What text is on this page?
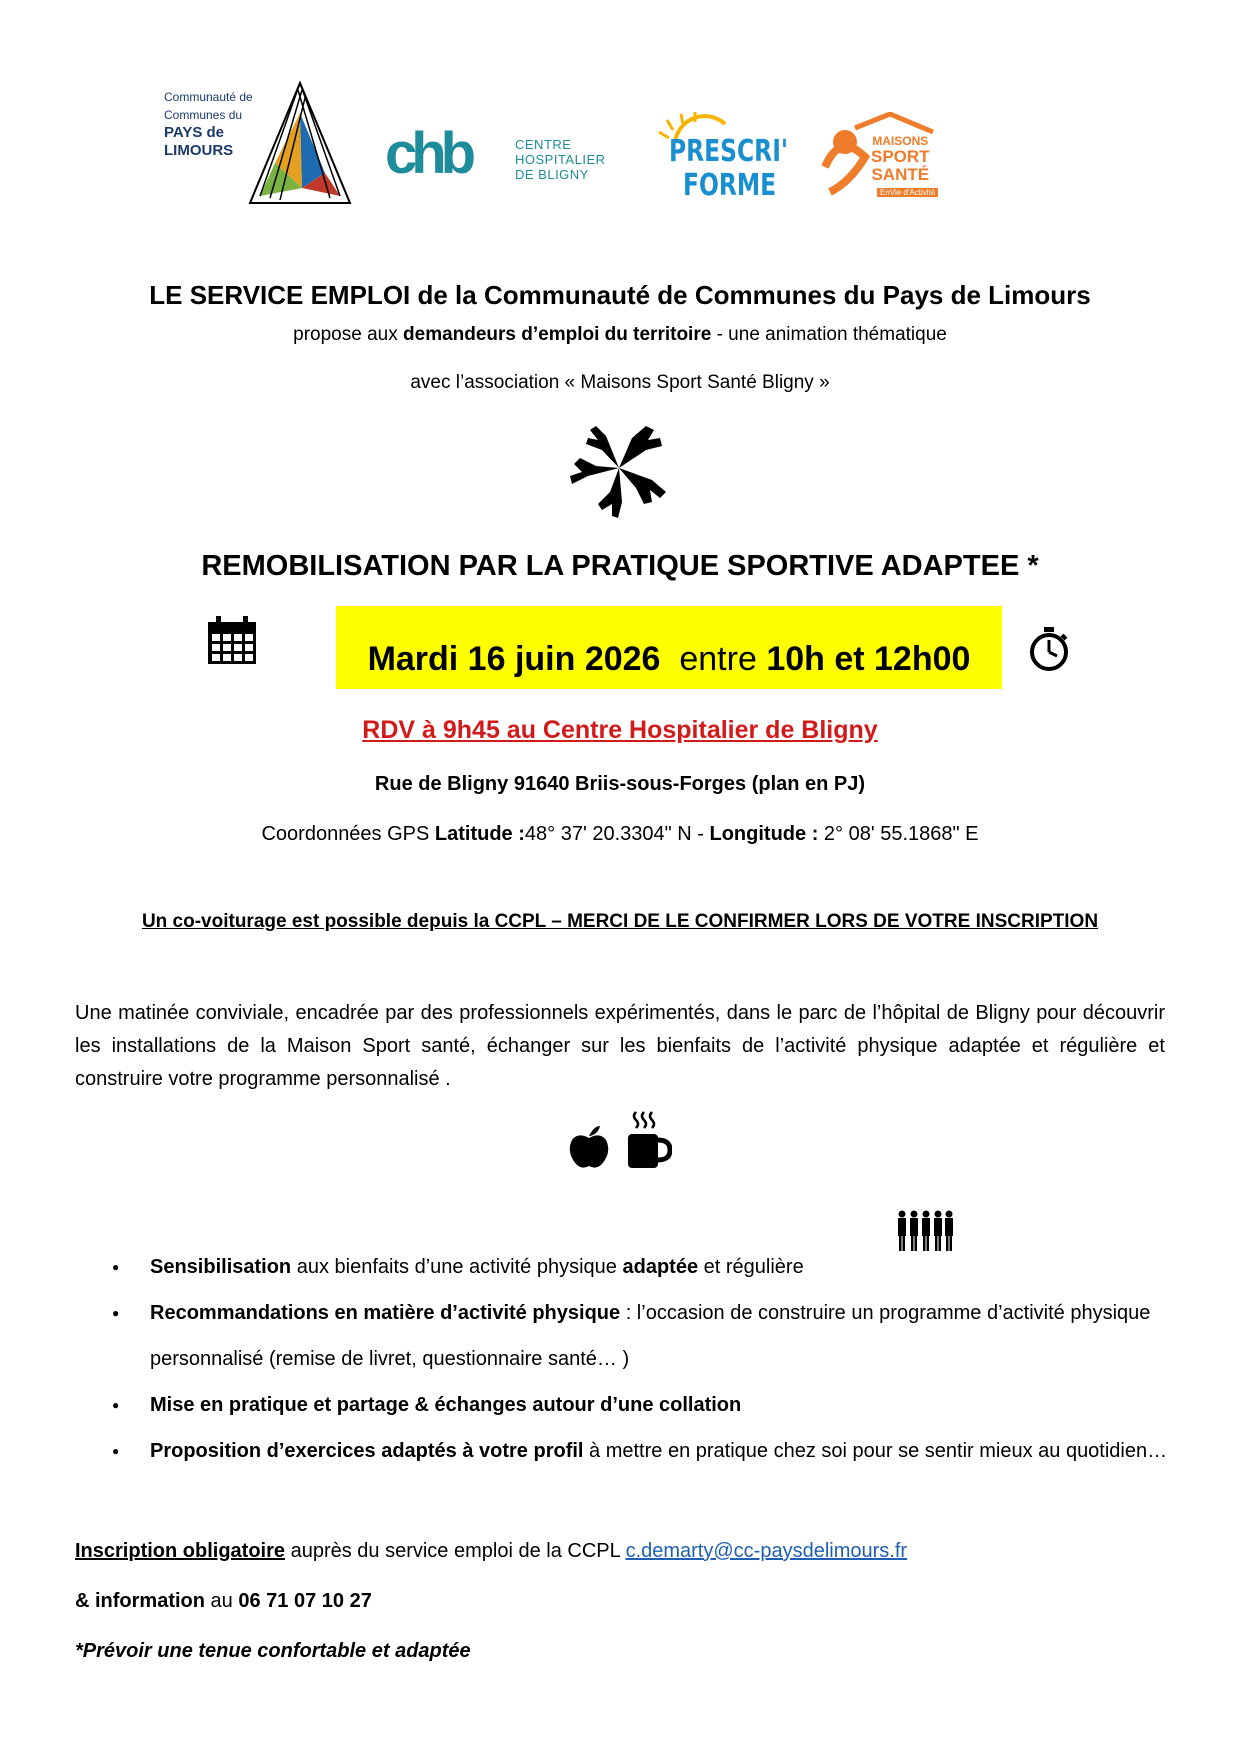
Communauté de
Communes du
PAYS de
LIMOURS	chb	CENTRE
HOSPITALIER
DE BLIGNY
PRESCRI'
FORME
MAISONS
SPORT
SANTÉ
EnVie d'Activité
LE SERVICE EMPLOI de la Communauté de Communes du Pays de Limours
propose aux demandeurs d’emploi du territoire - une animation thématique
avec l’association « Maisons Sport Santé Bligny »
REMOBILISATION PAR LA PRATIQUE SPORTIVE ADAPTEE *
Mardi 16 juin 2026  entre 10h et 12h00
RDV à 9h45 au Centre Hospitalier de Bligny
Rue de Bligny 91640 Briis-sous-Forges (plan en PJ)
Coordonnées GPS Latitude :48° 37' 20.3304" N - Longitude : 2° 08' 55.1868" E
Un co-voiturage est possible depuis la CCPL – MERCI DE LE CONFIRMER LORS DE VOTRE INSCRIPTION
Une matinée conviviale, encadrée par des professionnels expérimentés, dans le parc de l’hôpital de Bligny pour découvrir les installations de la Maison Sport santé, échanger sur les bienfaits de l’activité physique adaptée et régulière et construire votre programme personnalisé .
● Sensibilisation aux bienfaits d’une activité physique adaptée et régulière
● Recommandations en matière d’activité physique : l’occasion de construire un programme d’activité physique personnalisé (remise de livret, questionnaire santé… )
● Mise en pratique et partage & échanges autour d’une collation
● Proposition d’exercices adaptés à votre profil à mettre en pratique chez soi pour se sentir mieux au quotidien…
Inscription obligatoire auprès du service emploi de la CCPL c.demarty@cc-paysdelimours.fr
& information au 06 71 07 10 27
*Prévoir une tenue confortable et adaptée
